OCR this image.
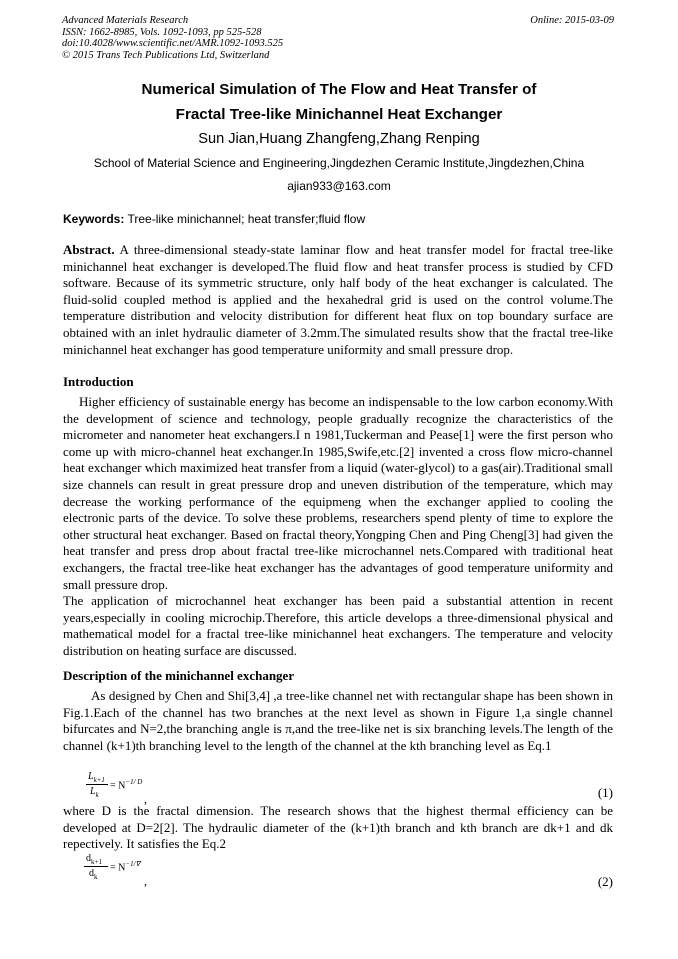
Advanced Materials Research
ISSN: 1662-8985, Vols. 1092-1093, pp 525-528
doi:10.4028/www.scientific.net/AMR.1092-1093.525
© 2015 Trans Tech Publications Ltd, Switzerland
Online: 2015-03-09
Numerical Simulation of The Flow and Heat Transfer of
Fractal Tree-like Minichannel Heat Exchanger
Sun Jian,Huang Zhangfeng,Zhang Renping
School of Material Science and Engineering,Jingdezhen Ceramic Institute,Jingdezhen,China
ajian933@163.com
Keywords: Tree-like minichannel; heat transfer;fluid flow
Abstract. A three-dimensional steady-state laminar flow and heat transfer model for fractal tree-like minichannel heat exchanger is developed.The fluid flow and heat transfer process is studied by CFD software. Because of its symmetric structure, only half body of the heat exchanger is calculated. The fluid-solid coupled method is applied and the hexahedral grid is used on the control volume.The temperature distribution and velocity distribution for different heat flux on top boundary surface are obtained with an inlet hydraulic diameter of 3.2mm.The simulated results show that the fractal tree-like minichannel heat exchanger has good temperature uniformity and small pressure drop.
Introduction
Higher efficiency of sustainable energy has become an indispensable to the low carbon economy.With the development of science and technology, people gradually recognize the characteristics of the micrometer and nanometer heat exchangers.I n 1981,Tuckerman and Pease[1] were the first person who come up with micro-channel heat exchanger.In 1985,Swife,etc.[2] invented a cross flow micro-channel heat exchanger which maximized heat transfer from a liquid (water-glycol) to a gas(air).Traditional small size channels can result in great pressure drop and uneven distribution of the temperature, which may decrease the working performance of the equipmeng when the exchanger applied to cooling the electronic parts of the device. To solve these problems, researchers spend plenty of time to explore the other structural heat exchanger. Based on fractal theory,Yongping Chen and Ping Cheng[3] had given the heat transfer and press drop about fractal tree-like microchannel nets.Compared with traditional heat exchangers, the fractal tree-like heat exchanger has the advantages of good temperature uniformity and small pressure drop.
The application of microchannel heat exchanger has been paid a substantial attention in recent years,especially in cooling microchip.Therefore, this article develops a three-dimensional physical and mathematical model for a fractal tree-like minichannel heat exchangers. The temperature and velocity distribution on heating surface are discussed.
Description of the minichannel exchanger
As designed by Chen and Shi[3,4] ,a tree-like channel net with rectangular shape has been shown in Fig.1.Each of the channel has two branches at the next level as shown in Figure 1,a single channel bifurcates and N=2,the branching angle is π,and the tree-like net is six branching levels.The length of the channel (k+1)th branching level to the length of the channel at the kth branching level as Eq.1
$L_{k+1}$
$L_k$
= $N^{-1/ D}$
,	(1)
where D is the fractal dimension. The research shows that the highest thermal efficiency can be developed at D=2[2]. The hydraulic diameter of the (k+1)th branch and kth branch are dk+1 and dk repectively. It satisfies the Eq.2
$d_{k+1}$
$d_k$
= $N^{-1/\nabla}$
,	(2)
